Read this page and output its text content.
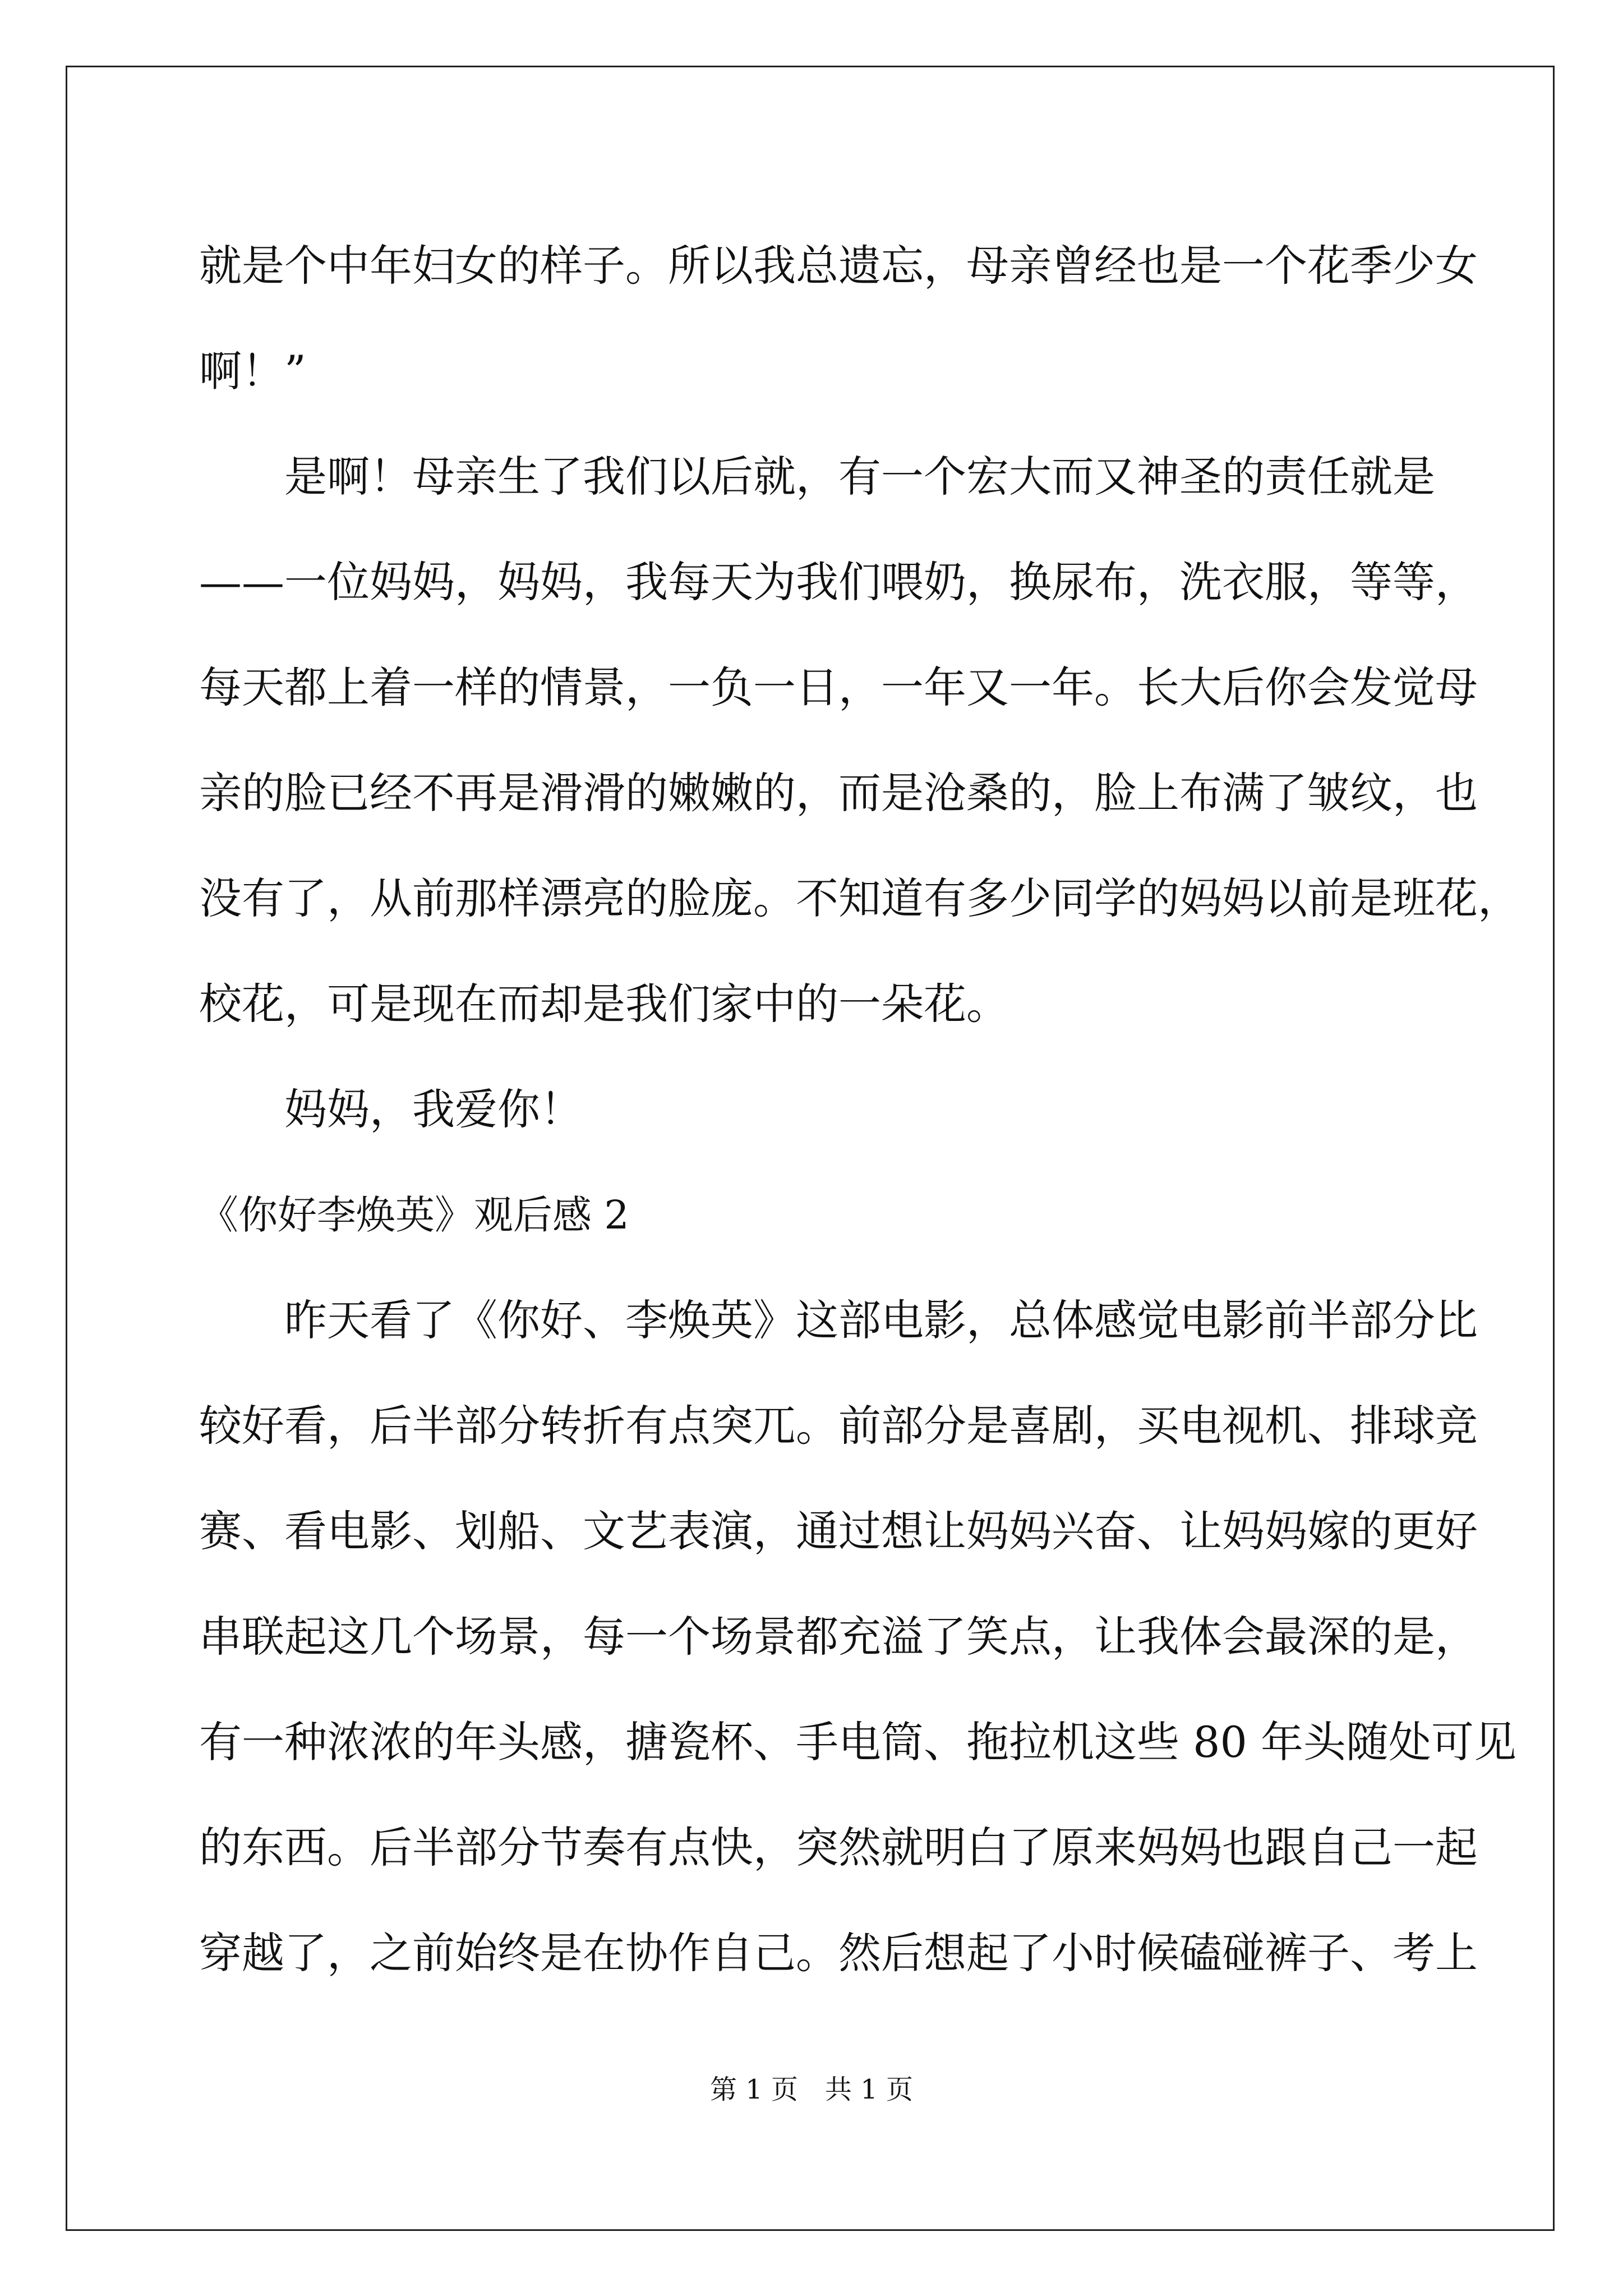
就是个中年妇女的样子。所以我总遗忘，母亲曾经也是一个花季少女
啊！”
是啊！母亲生了我们以后就，有一个宏大而又神圣的责任就是
——一位妈妈，妈妈，我每天为我们喂奶，换尿布，洗衣服，等等，
每天都上着一样的情景，一负一日，一年又一年。长大后你会发觉母
亲的脸已经不再是滑滑的嫩嫩的，而是沧桑的，脸上布满了皱纹，也
没有了，从前那样漂亮的脸庞。不知道有多少同学的妈妈以前是班花，
校花，可是现在而却是我们家中的一朵花。
妈妈，我爱你！
《你好李焕英》观后感 2
昨天看了《你好、李焕英》这部电影，总体感觉电影前半部分比
较好看，后半部分转折有点突兀。前部分是喜剧，买电视机、排球竞
赛、看电影、划船、文艺表演，通过想让妈妈兴奋、让妈妈嫁的更好
串联起这几个场景，每一个场景都充溢了笑点，让我体会最深的是，
有一种浓浓的年头感，搪瓷杯、手电筒、拖拉机这些 80 年头随处可见
的东西。后半部分节奏有点快，突然就明白了原来妈妈也跟自己一起
穿越了，之前始终是在协作自己。然后想起了小时候磕碰裤子、考上
第 1 页　共 1 页
